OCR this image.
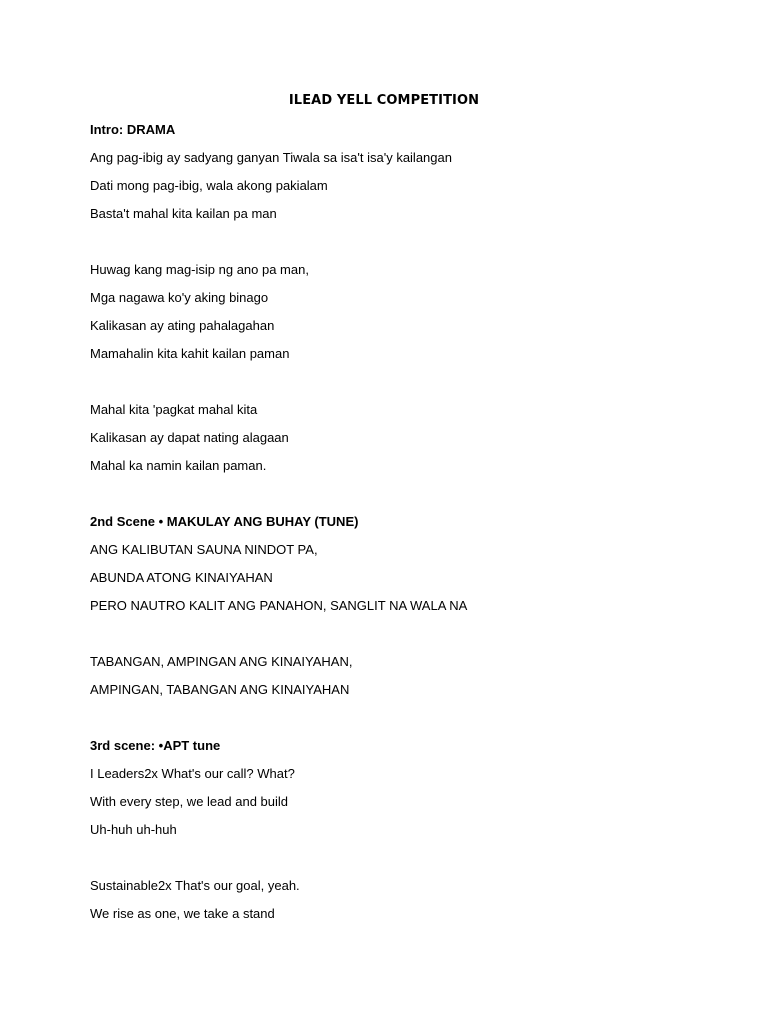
ILEAD YELL COMPETITION
Intro: DRAMA
Ang pag-ibig ay sadyang ganyan Tiwala sa isa't isa'y kailangan
Dati mong pag-ibig, wala akong pakialam
Basta't mahal kita kailan pa man
Huwag kang mag-isip ng ano pa man,
Mga nagawa ko'y aking binago
Kalikasan ay ating pahalagahan
Mamahalin kita kahit kailan paman
Mahal kita 'pagkat mahal kita
Kalikasan ay dapat nating alagaan
Mahal ka namin kailan paman.
2nd Scene • MAKULAY ANG BUHAY (TUNE)
ANG KALIBUTAN SAUNA NINDOT PA,
ABUNDA ATONG KINAIYAHAN
PERO NAUTRO KALIT ANG PANAHON, SANGLIT NA WALA NA
TABANGAN, AMPINGAN ANG KINAIYAHAN,
AMPINGAN, TABANGAN ANG KINAIYAHAN
3rd scene: •APT tune
I Leaders2x What's our call? What?
With every step, we lead and build
Uh-huh uh-huh
Sustainable2x That's our goal, yeah.
We rise as one, we take a stand
